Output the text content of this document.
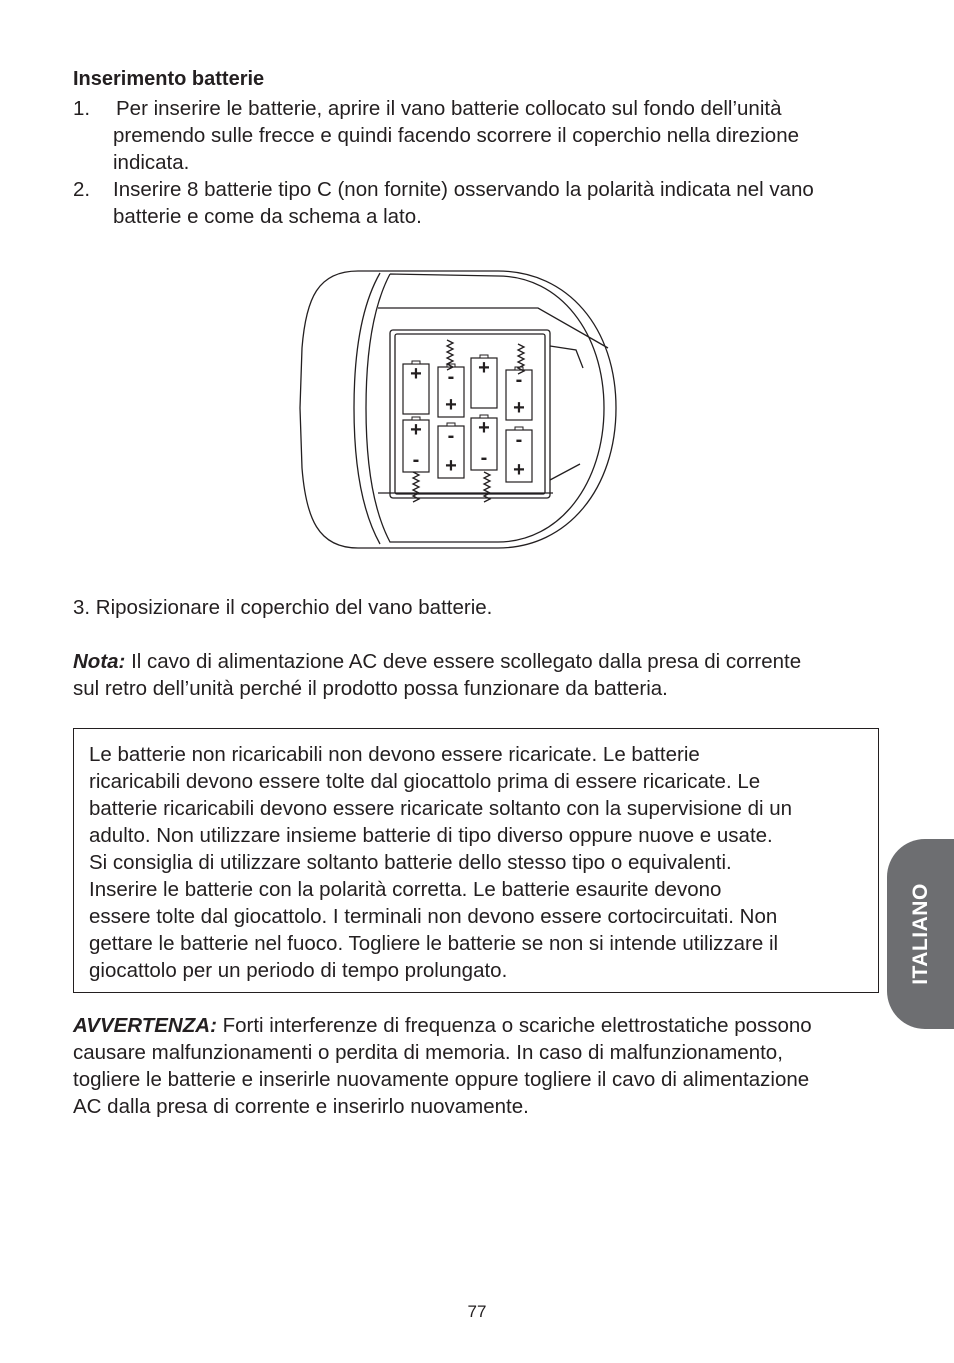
Inserimento batterie
1. Per inserire le batterie, aprire il vano batterie collocato sul fondo dell’unità
premendo sulle frecce e quindi facendo scorrere il coperchio nella direzione
indicata.
2. Inserire 8 batterie tipo C (non fornite) osservando la polarità indicata nel vano
batterie e come da schema a lato.
+ -
+
+
-
+
+
-
-
+
+
-
-
+
3. Riposizionare il coperchio del vano batterie.
Nota: Il cavo di alimentazione AC deve essere scollegato dalla presa di corrente
sul retro dell’unità perché il prodotto possa funzionare da batteria.

Le batterie non ricaricabili non devono essere ricaricate. Le batterie
ricaricabili devono essere tolte dal giocattolo prima di essere ricaricate. Le
batterie ricaricabili devono essere ricaricate soltanto con la supervisione di un
adulto. Non utilizzare insieme batterie di tipo diverso oppure nuove e usate.
Si consiglia di utilizzare soltanto batterie dello stesso tipo o equivalenti.
Inserire le batterie con la polarità corretta. Le batterie esaurite devono
essere tolte dal giocattolo. I terminali non devono essere cortocircuitati. Non
gettare le batterie nel fuoco. Togliere le batterie se non si intende utilizzare il
giocattolo per un periodo di tempo prolungato.

AVVERTENZA: Forti interferenze di frequenza o scariche elettrostatiche possono
causare malfunzionamenti o perdita di memoria. In caso di malfunzionamento,
togliere le batterie e inserirle nuovamente oppure togliere il cavo di alimentazione
AC dalla presa di corrente e inserirlo nuovamente.
ITALIANO
77
